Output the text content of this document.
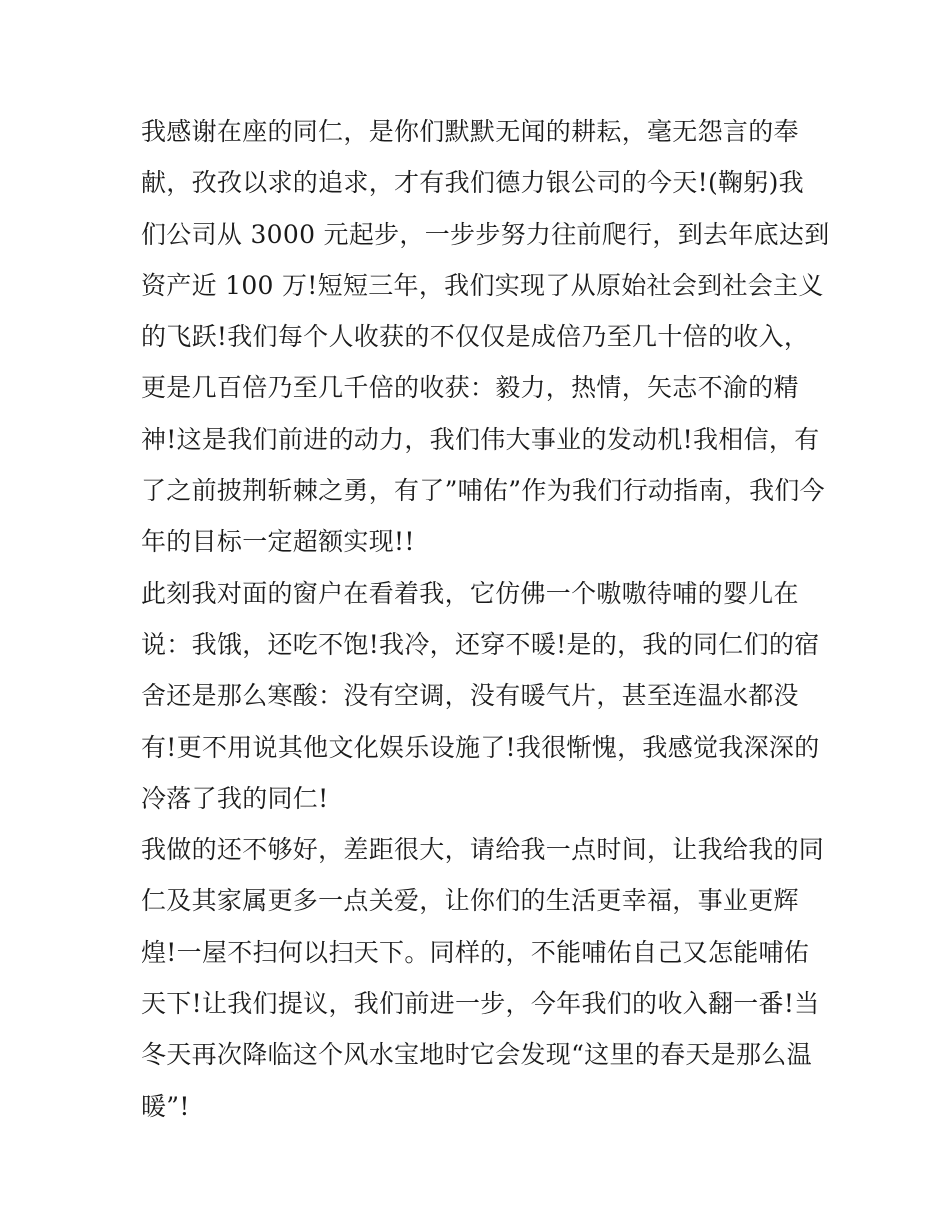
我感谢在座的同仁，是你们默默无闻的耕耘，毫无怨言的奉
献，孜孜以求的追求，才有我们德力银公司的今天!(鞠躬)我
们公司从 3000 元起步，一步步努力往前爬行，到去年底达到
资产近 100 万!短短三年，我们实现了从原始社会到社会主义
的飞跃!我们每个人收获的不仅仅是成倍乃至几十倍的收入，
更是几百倍乃至几千倍的收获：毅力，热情，矢志不渝的精
神!这是我们前进的动力，我们伟大事业的发动机!我相信，有
了之前披荆斩棘之勇，有了”哺佑”作为我们行动指南，我们今
年的目标一定超额实现!!
此刻我对面的窗户在看着我，它仿佛一个嗷嗷待哺的婴儿在
说：我饿，还吃不饱!我冷，还穿不暖!是的，我的同仁们的宿
舍还是那么寒酸：没有空调，没有暖气片，甚至连温水都没
有!更不用说其他文化娱乐设施了!我很惭愧，我感觉我深深的
冷落了我的同仁!
我做的还不够好，差距很大，请给我一点时间，让我给我的同
仁及其家属更多一点关爱，让你们的生活更幸福，事业更辉
煌!一屋不扫何以扫天下。同样的，不能哺佑自己又怎能哺佑
天下!让我们提议，我们前进一步，今年我们的收入翻一番!当
冬天再次降临这个风水宝地时它会发现“这里的春天是那么温
暖”!
